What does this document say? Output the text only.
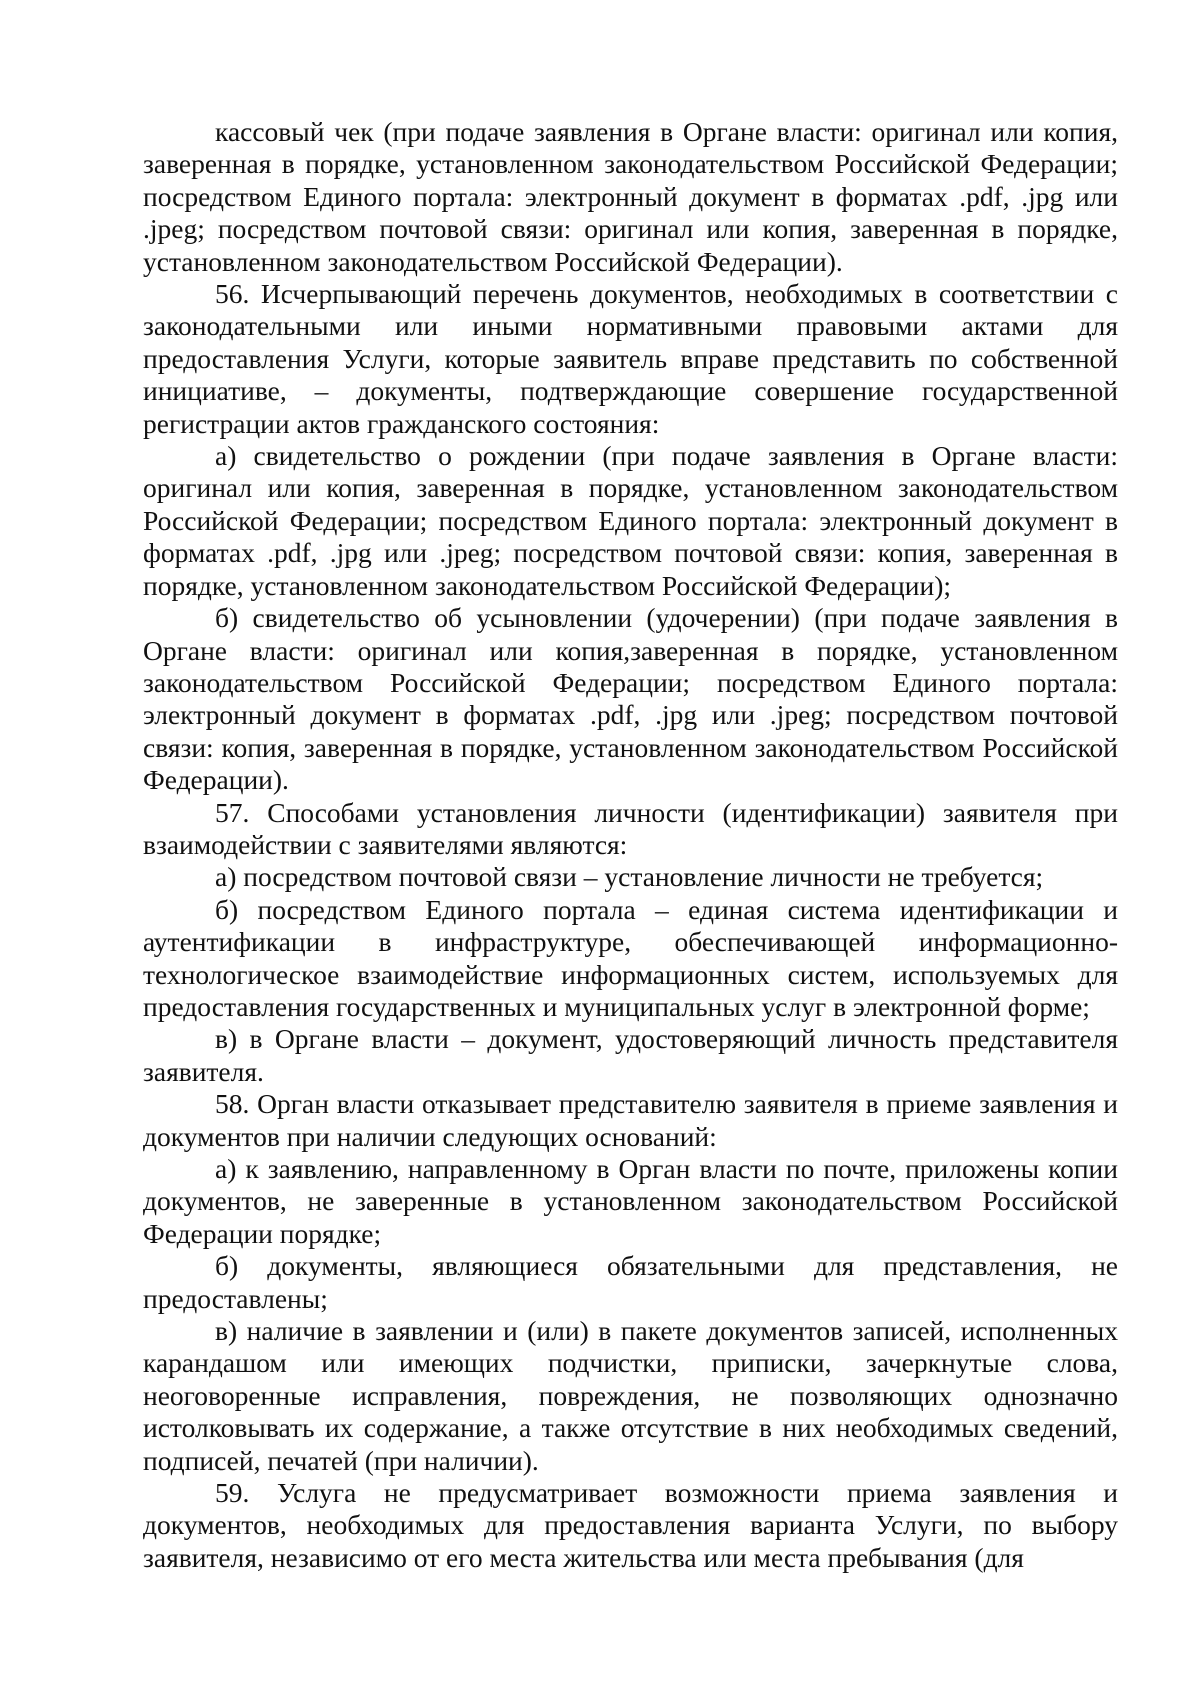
кассовый чек (при подаче заявления в Органе власти: оригинал или копия, заверенная в порядке, установленном законодательством Российской Федерации; посредством Единого портала: электронный документ в форматах .pdf, .jpg или .jpeg; посредством почтовой связи: оригинал или копия, заверенная в порядке, установленном законодательством Российской Федерации).

56. Исчерпывающий перечень документов, необходимых в соответствии с законодательными или иными нормативными правовыми актами для предоставления Услуги, которые заявитель вправе представить по собственной инициативе, – документы, подтверждающие совершение государственной регистрации актов гражданского состояния:

а) свидетельство о рождении (при подаче заявления в Органе власти: оригинал или копия, заверенная в порядке, установленном законодательством Российской Федерации; посредством Единого портала: электронный документ в форматах .pdf, .jpg или .jpeg; посредством почтовой связи: копия, заверенная в порядке, установленном законодательством Российской Федерации);

б) свидетельство об усыновлении (удочерении) (при подаче заявления в Органе власти: оригинал или копия,заверенная в порядке, установленном законодательством Российской Федерации; посредством Единого портала: электронный документ в форматах .pdf, .jpg или .jpeg; посредством почтовой связи: копия, заверенная в порядке, установленном законодательством Российской Федерации).

57. Способами установления личности (идентификации) заявителя при взаимодействии с заявителями являются:

а) посредством почтовой связи – установление личности не требуется;

б) посредством Единого портала – единая система идентификации и аутентификации в инфраструктуре, обеспечивающей информационно-технологическое взаимодействие информационных систем, используемых для предоставления государственных и муниципальных услуг в электронной форме;

в) в Органе власти – документ, удостоверяющий личность представителя заявителя.

58. Орган власти отказывает представителю заявителя в приеме заявления и документов при наличии следующих оснований:

а) к заявлению, направленному в Орган власти по почте, приложены копии документов, не заверенные в установленном законодательством Российской Федерации порядке;

б) документы, являющиеся обязательными для представления, не предоставлены;

в) наличие в заявлении и (или) в пакете документов записей, исполненных карандашом или имеющих подчистки, приписки, зачеркнутые слова, неоговоренные исправления, повреждения, не позволяющих однозначно истолковывать их содержание, а также отсутствие в них необходимых сведений, подписей, печатей (при наличии).

59. Услуга не предусматривает возможности приема заявления и документов, необходимых для предоставления варианта Услуги, по выбору заявителя, независимо от его места жительства или места пребывания (для
